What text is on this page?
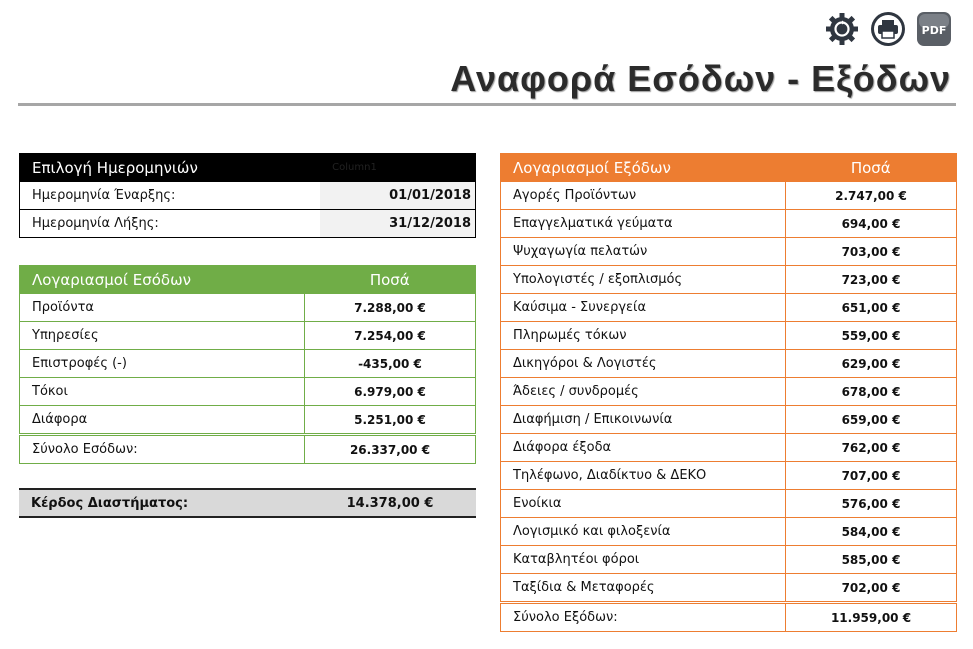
PDF
Αναφορά Εσόδων - Εξόδων
Επιλογή Ημερομηνιών	Column1
Ημερομηνία Έναρξης:	01/01/2018
Ημερομηνία Λήξης:	31/12/2018
Λογαριασμοί Εσόδων	Ποσά
Προϊόντα	7.288,00 €
Υπηρεσίες	7.254,00 €
Επιστροφές (-)	-435,00 €
Τόκοι	6.979,00 €
Διάφορα	5.251,00 €
Σύνολο Εσόδων:	26.337,00 €
Κέρδος Διαστήματος:	14.378,00 €
Λογαριασμοί Εξόδων	Ποσά
Αγορές Προϊόντων	2.747,00 €
Επαγγελματικά γεύματα	694,00 €
Ψυχαγωγία πελατών	703,00 €
Υπολογιστές / εξοπλισμός	723,00 €
Καύσιμα - Συνεργεία	651,00 €
Πληρωμές τόκων	559,00 €
Δικηγόροι & Λογιστές	629,00 €
Άδειες / συνδρομές	678,00 €
Διαφήμιση / Επικοινωνία	659,00 €
Διάφορα έξοδα	762,00 €
Τηλέφωνο, Διαδίκτυο & ΔΕΚΟ	707,00 €
Ενοίκια	576,00 €
Λογισμικό και φιλοξενία	584,00 €
Καταβλητέοι φόροι	585,00 €
Ταξίδια & Μεταφορές	702,00 €
Σύνολο Εξόδων:	11.959,00 €
